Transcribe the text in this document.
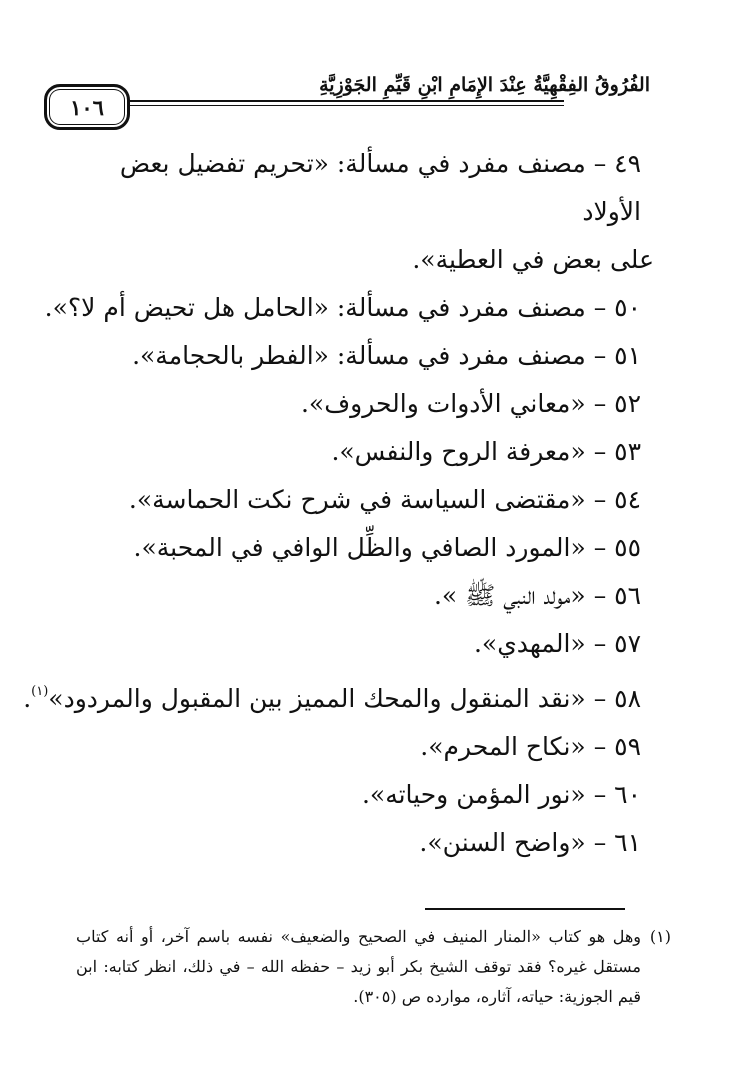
الفُرُوقُ الفِقْهِيَّةُ عِنْدَ الإِمَامِ ابْنِ قَيِّمِ الجَوْزِيَّةِ
١٠٦
٤٩ – مصنف مفرد في مسألة: «تحريم تفضيل بعض الأولاد
على بعض في العطية».
٥٠ – مصنف مفرد في مسألة: «الحامل هل تحيض أم لا؟».
٥١ – مصنف مفرد في مسألة: «الفطر بالحجامة».
٥٢ – «معاني الأدوات والحروف».
٥٣ – «معرفة الروح والنفس».
٥٤ – «مقتضى السياسة في شرح نكت الحماسة».
٥٥ – «المورد الصافي والظِّل الوافي في المحبة».
٥٦ – «مولد النبي ﷺ ».
٥٧ – «المهدي».
٥٨ – «نقد المنقول والمحك المميز بين المقبول والمردود»$^{(١)}$.
٥٩ – «نكاح المحرم».
٦٠ – «نور المؤمن وحياته».
٦١ – «واضح السنن».
(١)
وهل هو كتاب «المنار المنيف في الصحيح والضعيف» نفسه باسم آخر، أو أنه كتاب مستقل غيره؟ فقد توقف الشيخ بكر أبو زيد – حفظه الله – في ذلك، انظر كتابه: ابن قيم الجوزية: حياته، آثاره، موارده ص (٣٠٥).
